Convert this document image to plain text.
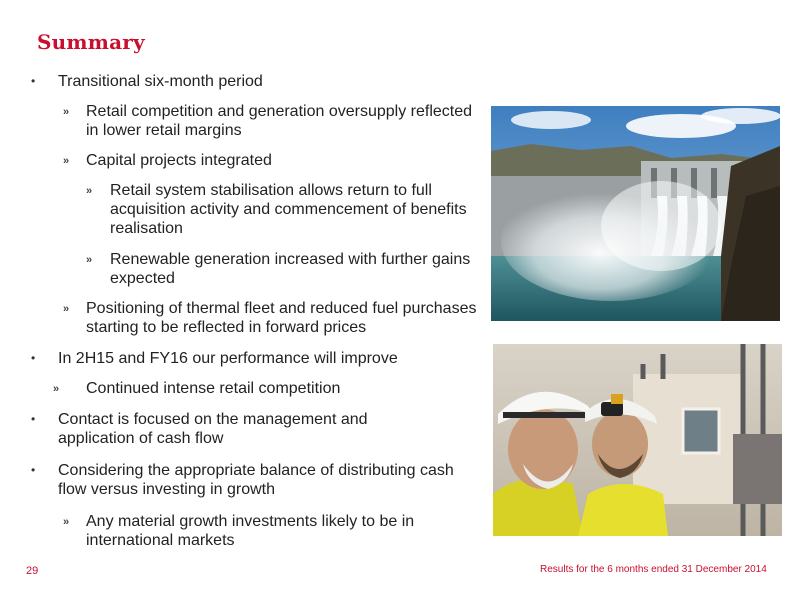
Summary
• Transitional six-month period
» Retail competition and generation oversupply reflected in lower retail margins
» Capital projects integrated
» Retail system stabilisation allows return to full acquisition activity and commencement of benefits realisation
» Renewable generation increased with further gains expected
» Positioning of thermal fleet and reduced fuel purchases starting to be reflected in forward prices
• In 2H15 and FY16 our performance will improve
» Continued intense retail competition
• Contact is focused on the management and application of cash flow
• Considering the appropriate balance of distributing cash flow versus investing in growth
» Any material growth investments likely to be in international markets
29	Results for the 6 months ended 31 December 2014
